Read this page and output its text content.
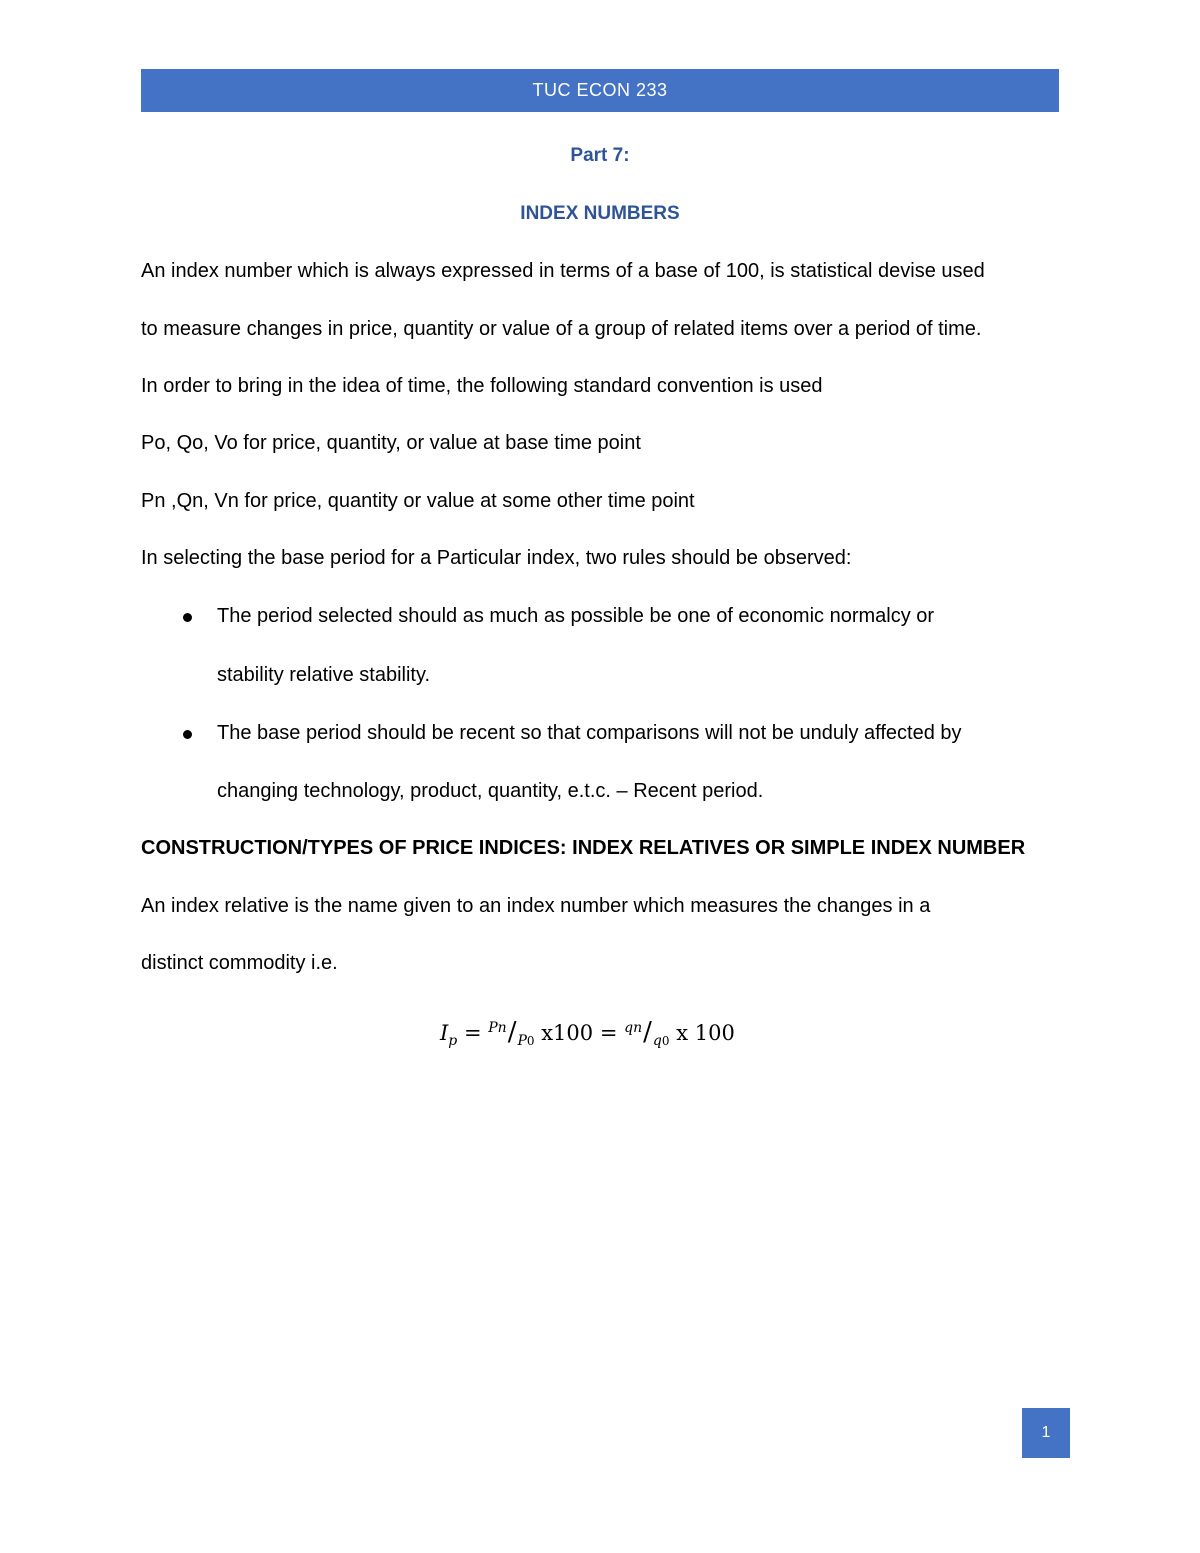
TUC ECON 233
Part 7:
INDEX NUMBERS
An index number which is always expressed in terms of a base of 100, is statistical devise used
to measure changes in price, quantity or value of a group of related items over a period of time.
In order to bring in the idea of time, the following standard convention is used
Po, Qo, Vo for price, quantity, or value at base time point
Pn ,Qn, Vn for price, quantity or value at some other time point
In selecting the base period for a Particular index, two rules should be observed:
The period selected should as much as possible be one of economic normalcy or
stability relative stability.
The base period should be recent so that comparisons will not be unduly affected by
changing technology, product, quantity, e.t.c. – Recent period.
CONSTRUCTION/TYPES OF PRICE INDICES: INDEX RELATIVES OR SIMPLE INDEX NUMBER
An index relative is the name given to an index number which measures the changes in a
distinct commodity i.e.
$I_p = ^{Pn}/_{P0}$ $x100 = ^{qn}/_{q0}$ x 100
1
